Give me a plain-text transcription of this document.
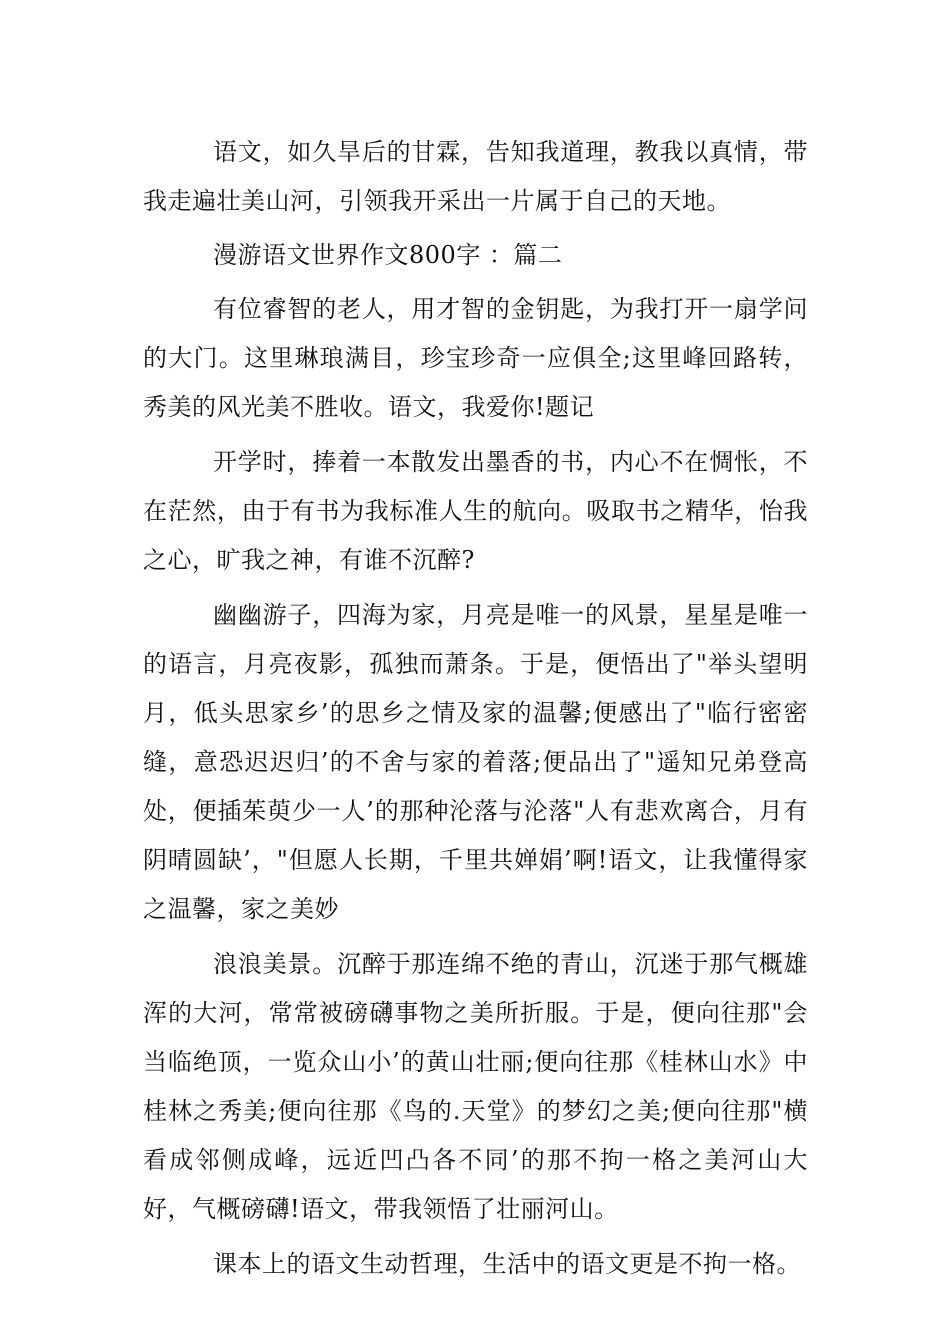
语文，如久旱后的甘霖，告知我道理，教我以真情，带我走遍壮美山河，引领我开采出一片属于自己的天地。

漫游语文世界作文800字 ：篇二

有位睿智的老人，用才智的金钥匙，为我打开一扇学问的大门。这里琳琅满目，珍宝珍奇一应俱全;这里峰回路转，秀美的风光美不胜收。语文，我爱你!题记

开学时，捧着一本散发出墨香的书，内心不在惆怅，不在茫然，由于有书为我标准人生的航向。吸取书之精华，怡我之心，旷我之神，有谁不沉醉?

幽幽游子，四海为家，月亮是唯一的风景，星星是唯一的语言，月亮夜影，孤独而萧条。于是，便悟出了"举头望明月，低头思家乡’的思乡之情及家的温馨;便感出了"临行密密缝，意恐迟迟归’的不舍与家的着落;便品出了"遥知兄弟登高处，便插茱萸少一人’的那种沦落与沦落"人有悲欢离合，月有阴晴圆缺’，"但愿人长期，千里共婵娟’啊!语文，让我懂得家之温馨，家之美妙

浪浪美景。沉醉于那连绵不绝的青山，沉迷于那气概雄浑的大河，常常被磅礴事物之美所折服。于是，便向往那"会当临绝顶，一览众山小’的黄山壮丽;便向往那《桂林山水》中桂林之秀美;便向往那《鸟的.天堂》的梦幻之美;便向往那"横看成邻侧成峰，远近凹凸各不同’的那不拘一格之美河山大好，气概磅礴!语文，带我领悟了壮丽河山。

课本上的语文生动哲理，生活中的语文更是不拘一格。
